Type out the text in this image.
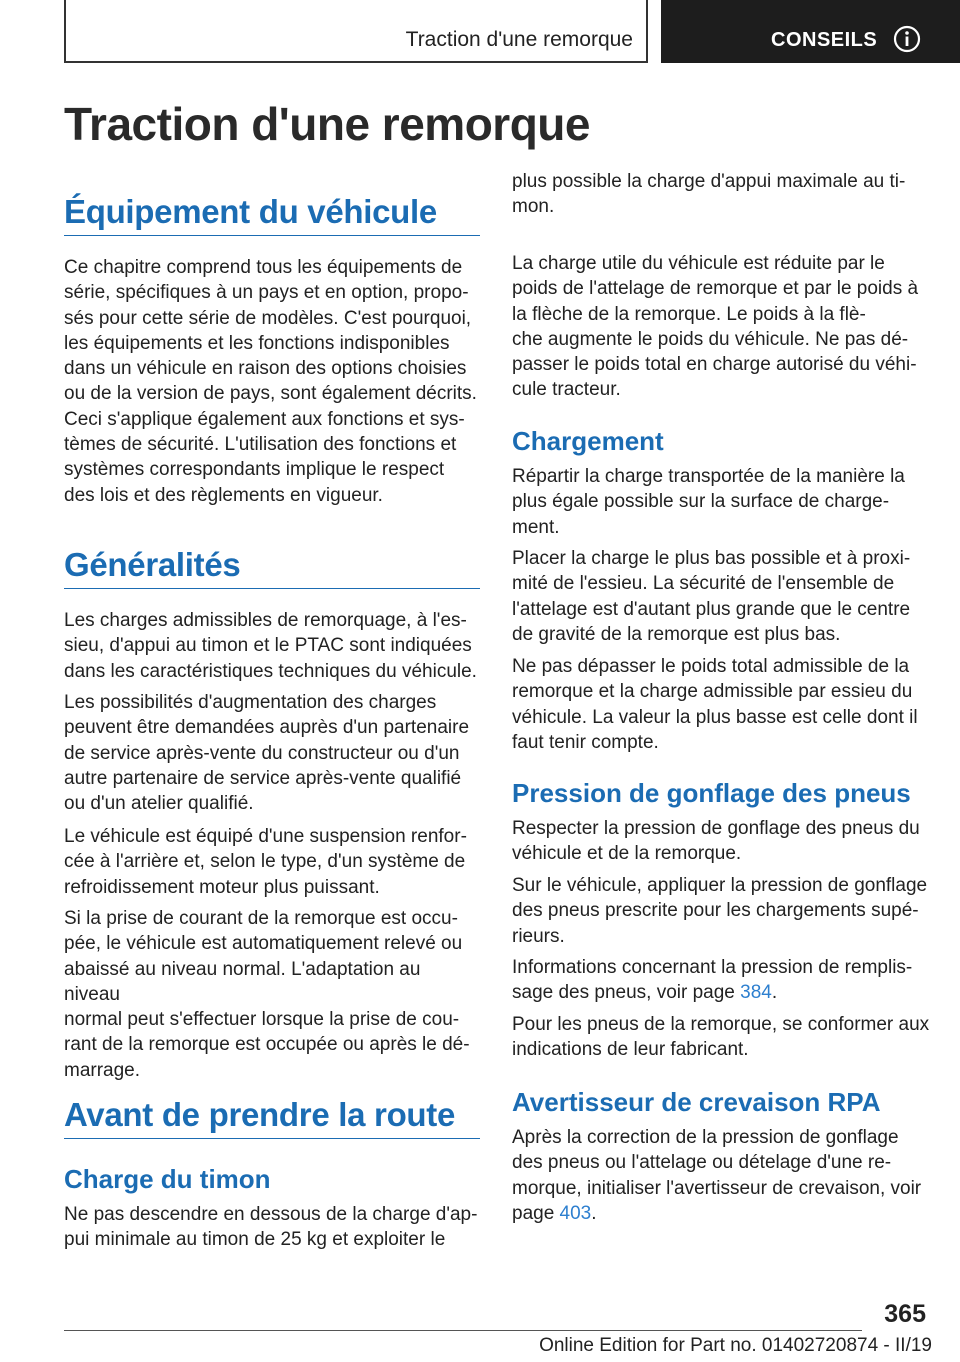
Traction d'une remorque	CONSEILS
Traction d'une remorque
Équipement du véhicule

Ce chapitre comprend tous les équipements de
série, spécifiques à un pays et en option, propo-
sés pour cette série de modèles. C'est pourquoi,
les équipements et les fonctions indisponibles
dans un véhicule en raison des options choisies
ou de la version de pays, sont également décrits.
Ceci s'applique également aux fonctions et sys-
tèmes de sécurité. L'utilisation des fonctions et
systèmes correspondants implique le respect
des lois et des règlements en vigueur.

Généralités

Les charges admissibles de remorquage, à l'es-
sieu, d'appui au timon et le PTAC sont indiquées
dans les caractéristiques techniques du véhicule.

Les possibilités d'augmentation des charges
peuvent être demandées auprès d'un partenaire
de service après-vente du constructeur ou d'un
autre partenaire de service après-vente qualifié
ou d'un atelier qualifié.

Le véhicule est équipé d'une suspension renfor-
cée à l'arrière et, selon le type, d'un système de
refroidissement moteur plus puissant.

Si la prise de courant de la remorque est occu-
pée, le véhicule est automatiquement relevé ou
abaissé au niveau normal. L'adaptation au niveau
normal peut s'effectuer lorsque la prise de cou-
rant de la remorque est occupée ou après le dé-
marrage.

Avant de prendre la route
Charge du timon

Ne pas descendre en dessous de la charge d'ap-
pui minimale au timon de 25 kg et exploiter le

plus possible la charge d'appui maximale au ti-
mon.

La charge utile du véhicule est réduite par le
poids de l'attelage de remorque et par le poids à
la flèche de la remorque. Le poids à la flè-
che augmente le poids du véhicule. Ne pas dé-
passer le poids total en charge autorisé du véhi-
cule tracteur.

Chargement

Répartir la charge transportée de la manière la
plus égale possible sur la surface de charge-
ment.

Placer la charge le plus bas possible et à proxi-
mité de l'essieu. La sécurité de l'ensemble de
l'attelage est d'autant plus grande que le centre
de gravité de la remorque est plus bas.

Ne pas dépasser le poids total admissible de la
remorque et la charge admissible par essieu du
véhicule. La valeur la plus basse est celle dont il
faut tenir compte.

Pression de gonflage des pneus

Respecter la pression de gonflage des pneus du
véhicule et de la remorque.

Sur le véhicule, appliquer la pression de gonflage
des pneus prescrite pour les chargements supé-
rieurs.

Informations concernant la pression de remplis-
sage des pneus, voir page 384.

Pour les pneus de la remorque, se conformer aux
indications de leur fabricant.

Avertisseur de crevaison RPA

Après la correction de la pression de gonflage
des pneus ou l'attelage ou dételage d'une re-
morque, initialiser l'avertisseur de crevaison, voir
page 403.

365
Online Edition for Part no. 01402720874 - II/19
